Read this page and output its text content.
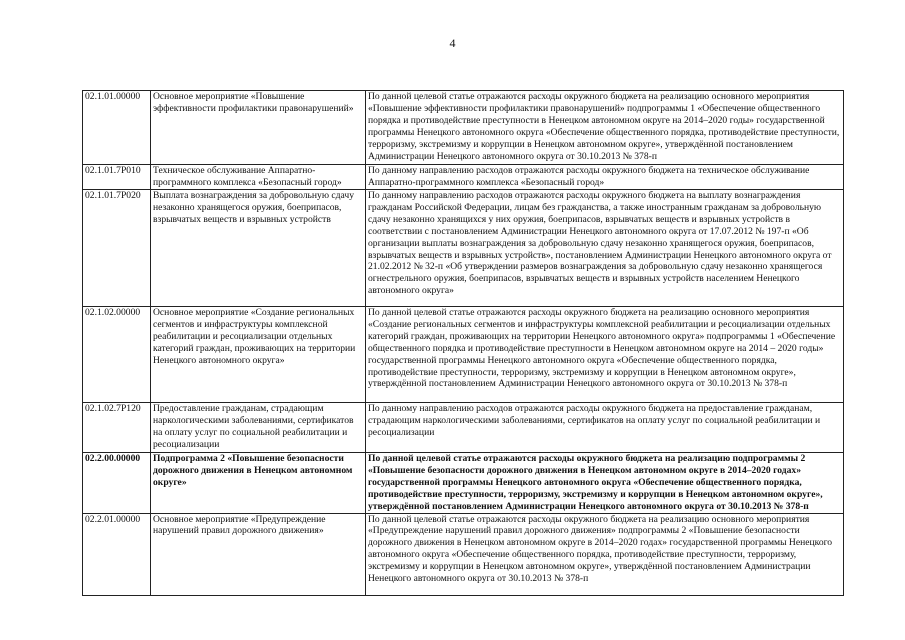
4
02.1.01.00000	Основное мероприятие «Повышение эффективности профилактики правонарушений»	По данной целевой статье отражаются расходы окружного бюджета на реализацию основного мероприятия «Повышение эффективности профилактики правонарушений» подпрограммы 1 «Обеспечение общественного порядка и противодействие преступности в Ненецком автономном округе на 2014–2020 годы» государственной программы Ненецкого автономного округа «Обеспечение общественного порядка, противодействие преступности, терроризму, экстремизму и коррупции в Ненецком автономном округе», утверждённой постановлением Администрации Ненецкого автономного округа от 30.10.2013 № 378-п
02.1.01.7Р010	Техническое обслуживание Аппаратно-программного комплекса «Безопасный город»	По данному направлению расходов отражаются расходы окружного бюджета на техническое обслуживание Аппаратно-программного комплекса «Безопасный город»
02.1.01.7Р020	Выплата вознаграждения за добровольную сдачу незаконно хранящегося оружия, боеприпасов, взрывчатых веществ и взрывных устройств	По данному направлению расходов отражаются расходы окружного бюджета на выплату вознаграждения гражданам Российской Федерации, лицам без гражданства, а также иностранным гражданам за добровольную сдачу незаконно хранящихся у них оружия, боеприпасов, взрывчатых веществ и взрывных устройств в соответствии с постановлением Администрации Ненецкого автономного округа от 17.07.2012 № 197-п «Об организации выплаты вознаграждения за добровольную сдачу незаконно хранящегося оружия, боеприпасов, взрывчатых веществ и взрывных устройств», постановлением Администрации Ненецкого автономного округа от 21.02.2012 № 32-п «Об утверждении размеров вознаграждения за добровольную сдачу незаконно хранящегося огнестрельного оружия, боеприпасов, взрывчатых веществ и взрывных устройств населением Ненецкого автономного округа»
02.1.02.00000	Основное мероприятие «Создание региональных сегментов и инфраструктуры комплексной реабилитации и ресоциализации отдельных категорий граждан, проживающих на территории Ненецкого автономного округа»	По данной целевой статье отражаются расходы окружного бюджета на реализацию основного мероприятия «Создание региональных сегментов и инфраструктуры комплексной реабилитации и ресоциализации отдельных категорий граждан, проживающих на территории Ненецкого автономного округа» подпрограммы 1 «Обеспечение общественного порядка и противодействие преступности в Ненецком автономном округе на 2014 – 2020 годы» государственной программы Ненецкого автономного округа «Обеспечение общественного порядка, противодействие преступности, терроризму, экстремизму и коррупции в Ненецком автономном округе», утверждённой постановлением Администрации Ненецкого автономного округа от 30.10.2013 № 378-п
02.1.02.7Р120	Предоставление гражданам, страдающим наркологическими заболеваниями, сертификатов на оплату услуг по социальной реабилитации и ресоциализации	По данному направлению расходов отражаются расходы окружного бюджета на предоставление гражданам, страдающим наркологическими заболеваниями, сертификатов на оплату услуг по социальной реабилитации и ресоциализации
02.2.00.00000	Подпрограмма 2 «Повышение безопасности дорожного движения в Ненецком автономном округе»	По данной целевой статье отражаются расходы окружного бюджета на реализацию подпрограммы 2 «Повышение безопасности дорожного движения в Ненецком автономном округе в 2014–2020 годах» государственной программы Ненецкого автономного округа «Обеспечение общественного порядка, противодействие преступности, терроризму, экстремизму и коррупции в Ненецком автономном округе», утверждённой постановлением Администрации Ненецкого автономного округа от 30.10.2013 № 378-п
02.2.01.00000	Основное мероприятие «Предупреждение нарушений правил дорожного движения»	По данной целевой статье отражаются расходы окружного бюджета на реализацию основного мероприятия «Предупреждение нарушений правил дорожного движения» подпрограммы 2 «Повышение безопасности дорожного движения в Ненецком автономном округе в 2014–2020 годах» государственной программы Ненецкого автономного округа «Обеспечение общественного порядка, противодействие преступности, терроризму, экстремизму и коррупции в Ненецком автономном округе», утверждённой постановлением Администрации Ненецкого автономного округа от 30.10.2013 № 378-п
